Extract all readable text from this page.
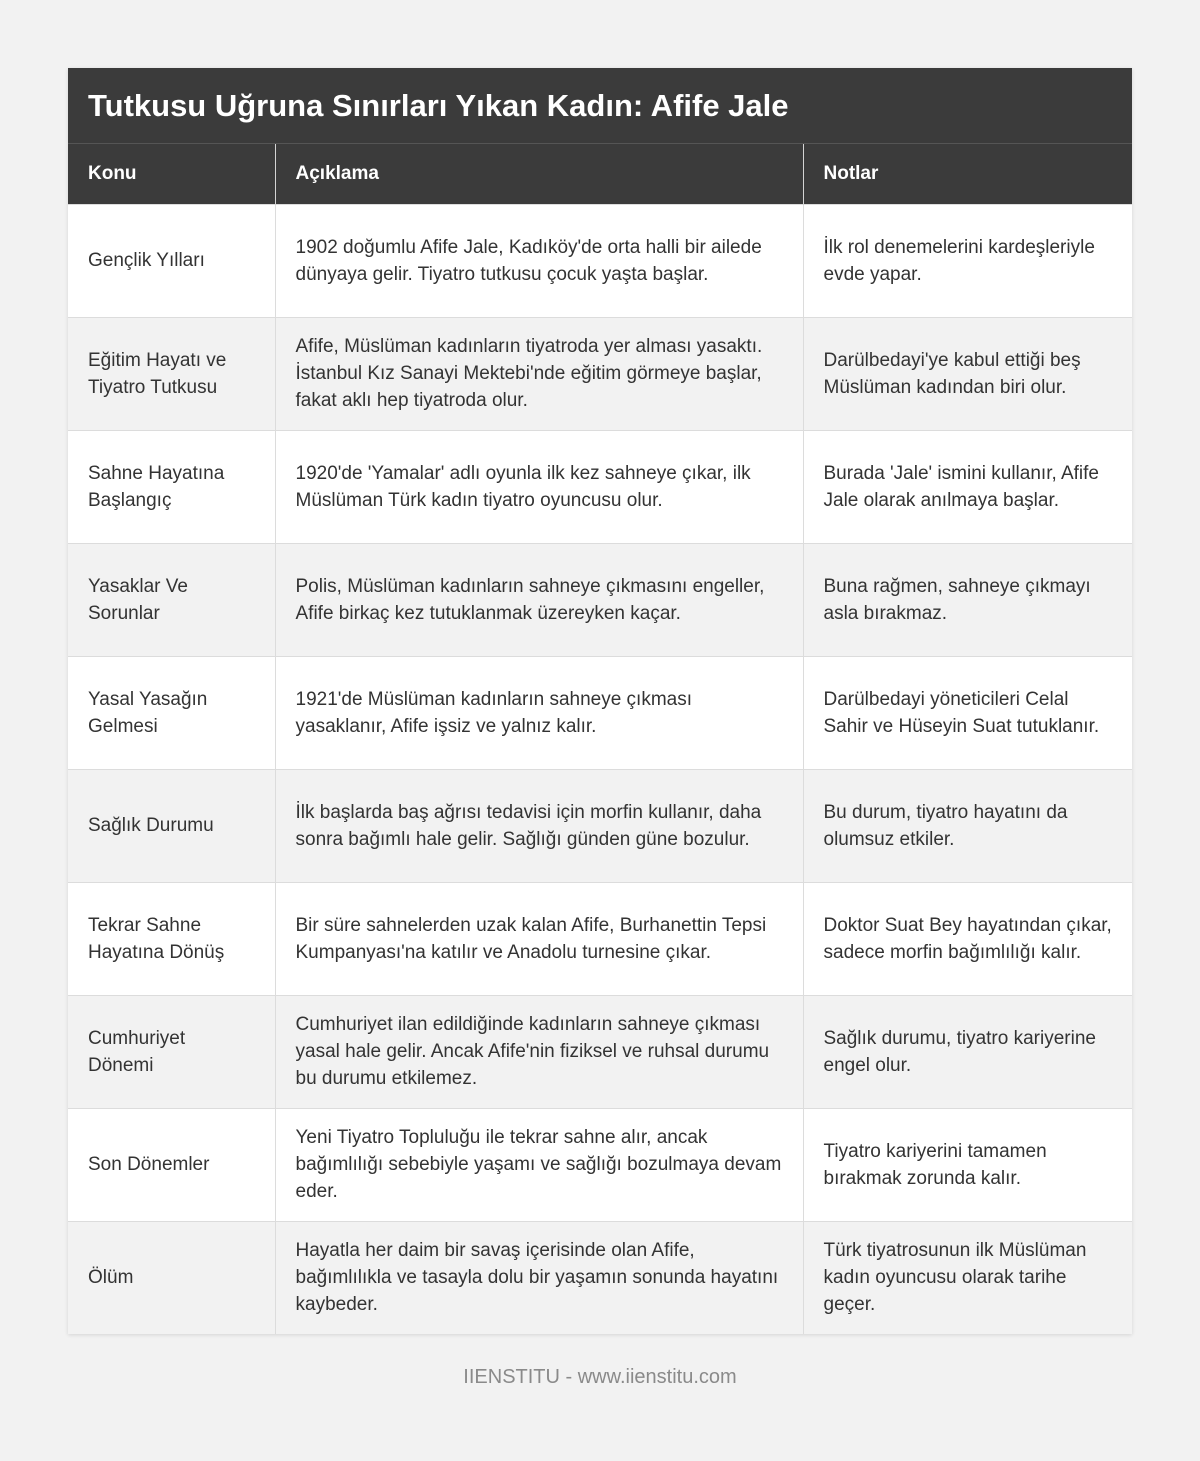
Tutkusu Uğruna Sınırları Yıkan Kadın: Afife Jale
Konu	Açıklama	Notlar
Gençlik Yılları	1902 doğumlu Afife Jale, Kadıköy'de orta halli bir ailede dünyaya gelir. Tiyatro tutkusu çocuk yaşta başlar.	İlk rol denemelerini kardeşleriyle evde yapar.
Eğitim Hayatı ve Tiyatro Tutkusu	Afife, Müslüman kadınların tiyatroda yer alması yasaktı. İstanbul Kız Sanayi Mektebi'nde eğitim görmeye başlar, fakat aklı hep tiyatroda olur.	Darülbedayi'ye kabul ettiği beş Müslüman kadından biri olur.
Sahne Hayatına Başlangıç	1920'de 'Yamalar' adlı oyunla ilk kez sahneye çıkar, ilk Müslüman Türk kadın tiyatro oyuncusu olur.	Burada 'Jale' ismini kullanır, Afife Jale olarak anılmaya başlar.
Yasaklar Ve Sorunlar	Polis, Müslüman kadınların sahneye çıkmasını engeller, Afife birkaç kez tutuklanmak üzereyken kaçar.	Buna rağmen, sahneye çıkmayı asla bırakmaz.
Yasal Yasağın Gelmesi	1921'de Müslüman kadınların sahneye çıkması yasaklanır, Afife işsiz ve yalnız kalır.	Darülbedayi yöneticileri Celal Sahir ve Hüseyin Suat tutuklanır.
Sağlık Durumu	İlk başlarda baş ağrısı tedavisi için morfin kullanır, daha sonra bağımlı hale gelir. Sağlığı günden güne bozulur.	Bu durum, tiyatro hayatını da olumsuz etkiler.
Tekrar Sahne Hayatına Dönüş	Bir süre sahnelerden uzak kalan Afife, Burhanettin Tepsi Kumpanyası'na katılır ve Anadolu turnesine çıkar.	Doktor Suat Bey hayatından çıkar, sadece morfin bağımlılığı kalır.
Cumhuriyet Dönemi	Cumhuriyet ilan edildiğinde kadınların sahneye çıkması yasal hale gelir. Ancak Afife'nin fiziksel ve ruhsal durumu bu durumu etkilemez.	Sağlık durumu, tiyatro kariyerine engel olur.
Son Dönemler	Yeni Tiyatro Topluluğu ile tekrar sahne alır, ancak bağımlılığı sebebiyle yaşamı ve sağlığı bozulmaya devam eder.	Tiyatro kariyerini tamamen bırakmak zorunda kalır.
Ölüm	Hayatla her daim bir savaş içerisinde olan Afife, bağımlılıkla ve tasayla dolu bir yaşamın sonunda hayatını kaybeder.	Türk tiyatrosunun ilk Müslüman kadın oyuncusu olarak tarihe geçer.
IIENSTITU - www.iienstitu.com
